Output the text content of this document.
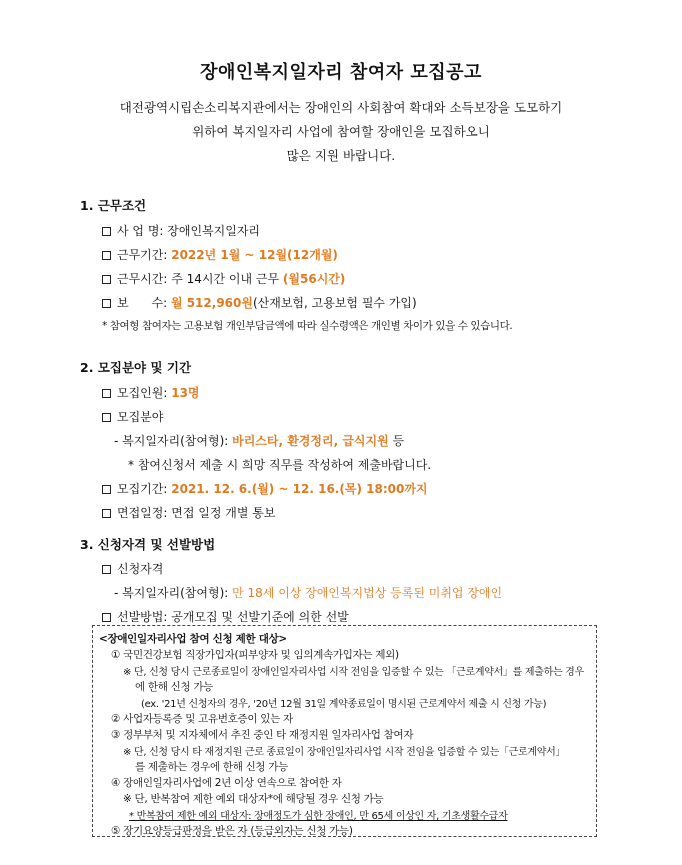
장애인복지일자리 참여자 모집공고
대전광역시립손소리복지관에서는 장애인의 사회참여 확대와 소득보장을 도모하기
위하여 복지일자리 사업에 참여할 장애인을 모집하오니
많은 지원 바랍니다.
1. 근무조건
사 업 명: 장애인복지일자리
근무기간: 2022년 1월 ~ 12월(12개월)
근무시간: 주 14시간 이내 근무 (월56시간)
보      수: 월 512,960원(산재보험, 고용보험 필수 가입)
* 참여형 참여자는 고용보험 개인부담금액에 따라 실수령액은 개인별 차이가 있을 수 있습니다.
2. 모집분야 및 기간
모집인원: 13명
모집분야
- 복지일자리(참여형): 바리스타, 환경정리, 급식지원 등
* 참여신청서 제출 시 희망 직무를 작성하여 제출바랍니다.
모집기간: 2021. 12. 6.(월) ~ 12. 16.(목) 18:00까지
면접일정: 면접 일정 개별 통보
3. 신청자격 및 선발방법
신청자격
- 복지일자리(참여형): 만 18세 이상 장애인복지법상 등록된 미취업 장애인
선발방법: 공개모집 및 선발기준에 의한 선발
<장애인일자리사업 참여 신청 제한 대상>
① 국민건강보험 직장가입자(피부양자 및 임의계속가입자는 제외)
※ 단, 신청 당시 근로종료일이 장애인일자리사업 시작 전임을 입증할 수 있는 「근로계약서」를 제출하는 경우
에 한해 신청 가능
(ex. '21년 신청자의 경우, '20년 12월 31일 계약종료일이 명시된 근로계약서 제출 시 신청 가능)
② 사업자등록증 및 고유번호증이 있는 자
③ 정부부처 및 지자체에서 추진 중인 타 재정지원 일자리사업 참여자
※ 단, 신청 당시 타 재정지원 근로 종료일이 장애인일자리사업 시작 전임을 입증할 수 있는「근로계약서」
를 제출하는 경우에 한해 신청 가능
④ 장애인일자리사업에 2년 이상 연속으로 참여한 자
※ 단, 반복참여 제한 예외 대상자*에 해당될 경우 신청 가능
* 반복참여 제한 예외 대상자: 장애정도가 심한 장애인, 만 65세 이상인 자, 기초생활수급자
⑤ 장기요양등급판정을 받은 자 (등급외자는 신청 가능)
